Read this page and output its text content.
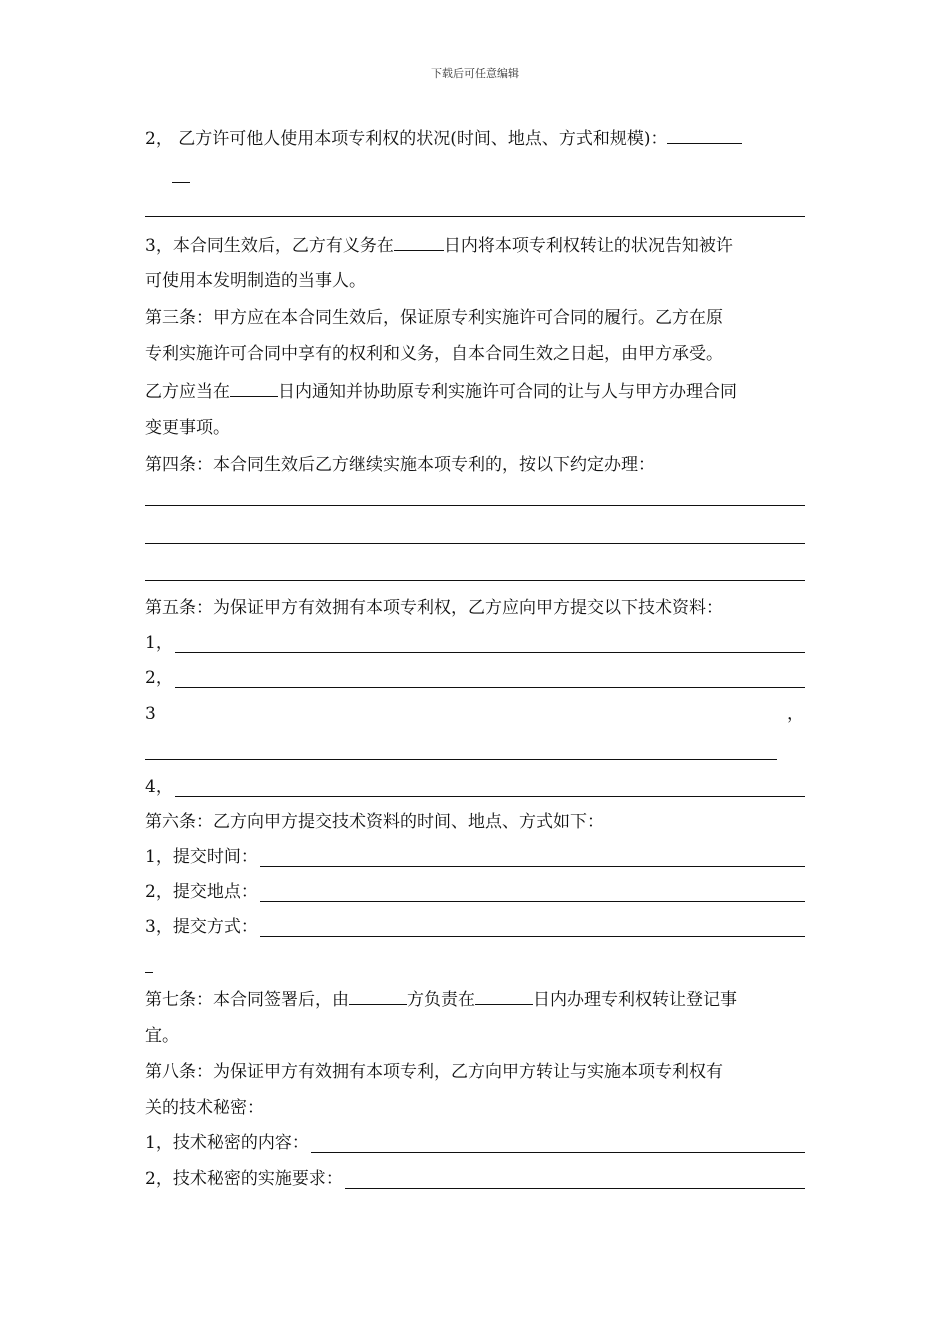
下载后可任意编辑
2， 乙方许可他人使用本项专利权的状况(时间、地点、方式和规模)：
3，本合同生效后，乙方有义务在	日内将本项专利权转让的状况告知被许
可使用本发明制造的当事人。
第三条：甲方应在本合同生效后，保证原专利实施许可合同的履行。乙方在原
专利实施许可合同中享有的权利和义务，自本合同生效之日起，由甲方承受。
乙方应当在	日内通知并协助原专利实施许可合同的让与人与甲方办理合同
变更事项。
第四条：本合同生效后乙方继续实施本项专利的，按以下约定办理：
第五条：为保证甲方有效拥有本项专利权，乙方应向甲方提交以下技术资料：
1，
2，
3	，
4，
第六条：乙方向甲方提交技术资料的时间、地点、方式如下：
1，提交时间：
2，提交地点：
3，提交方式：
第七条：本合同签署后，由	方负责在	日内办理专利权转让登记事
宜。
第八条：为保证甲方有效拥有本项专利，乙方向甲方转让与实施本项专利权有
关的技术秘密：
1，技术秘密的内容：
2，技术秘密的实施要求：
